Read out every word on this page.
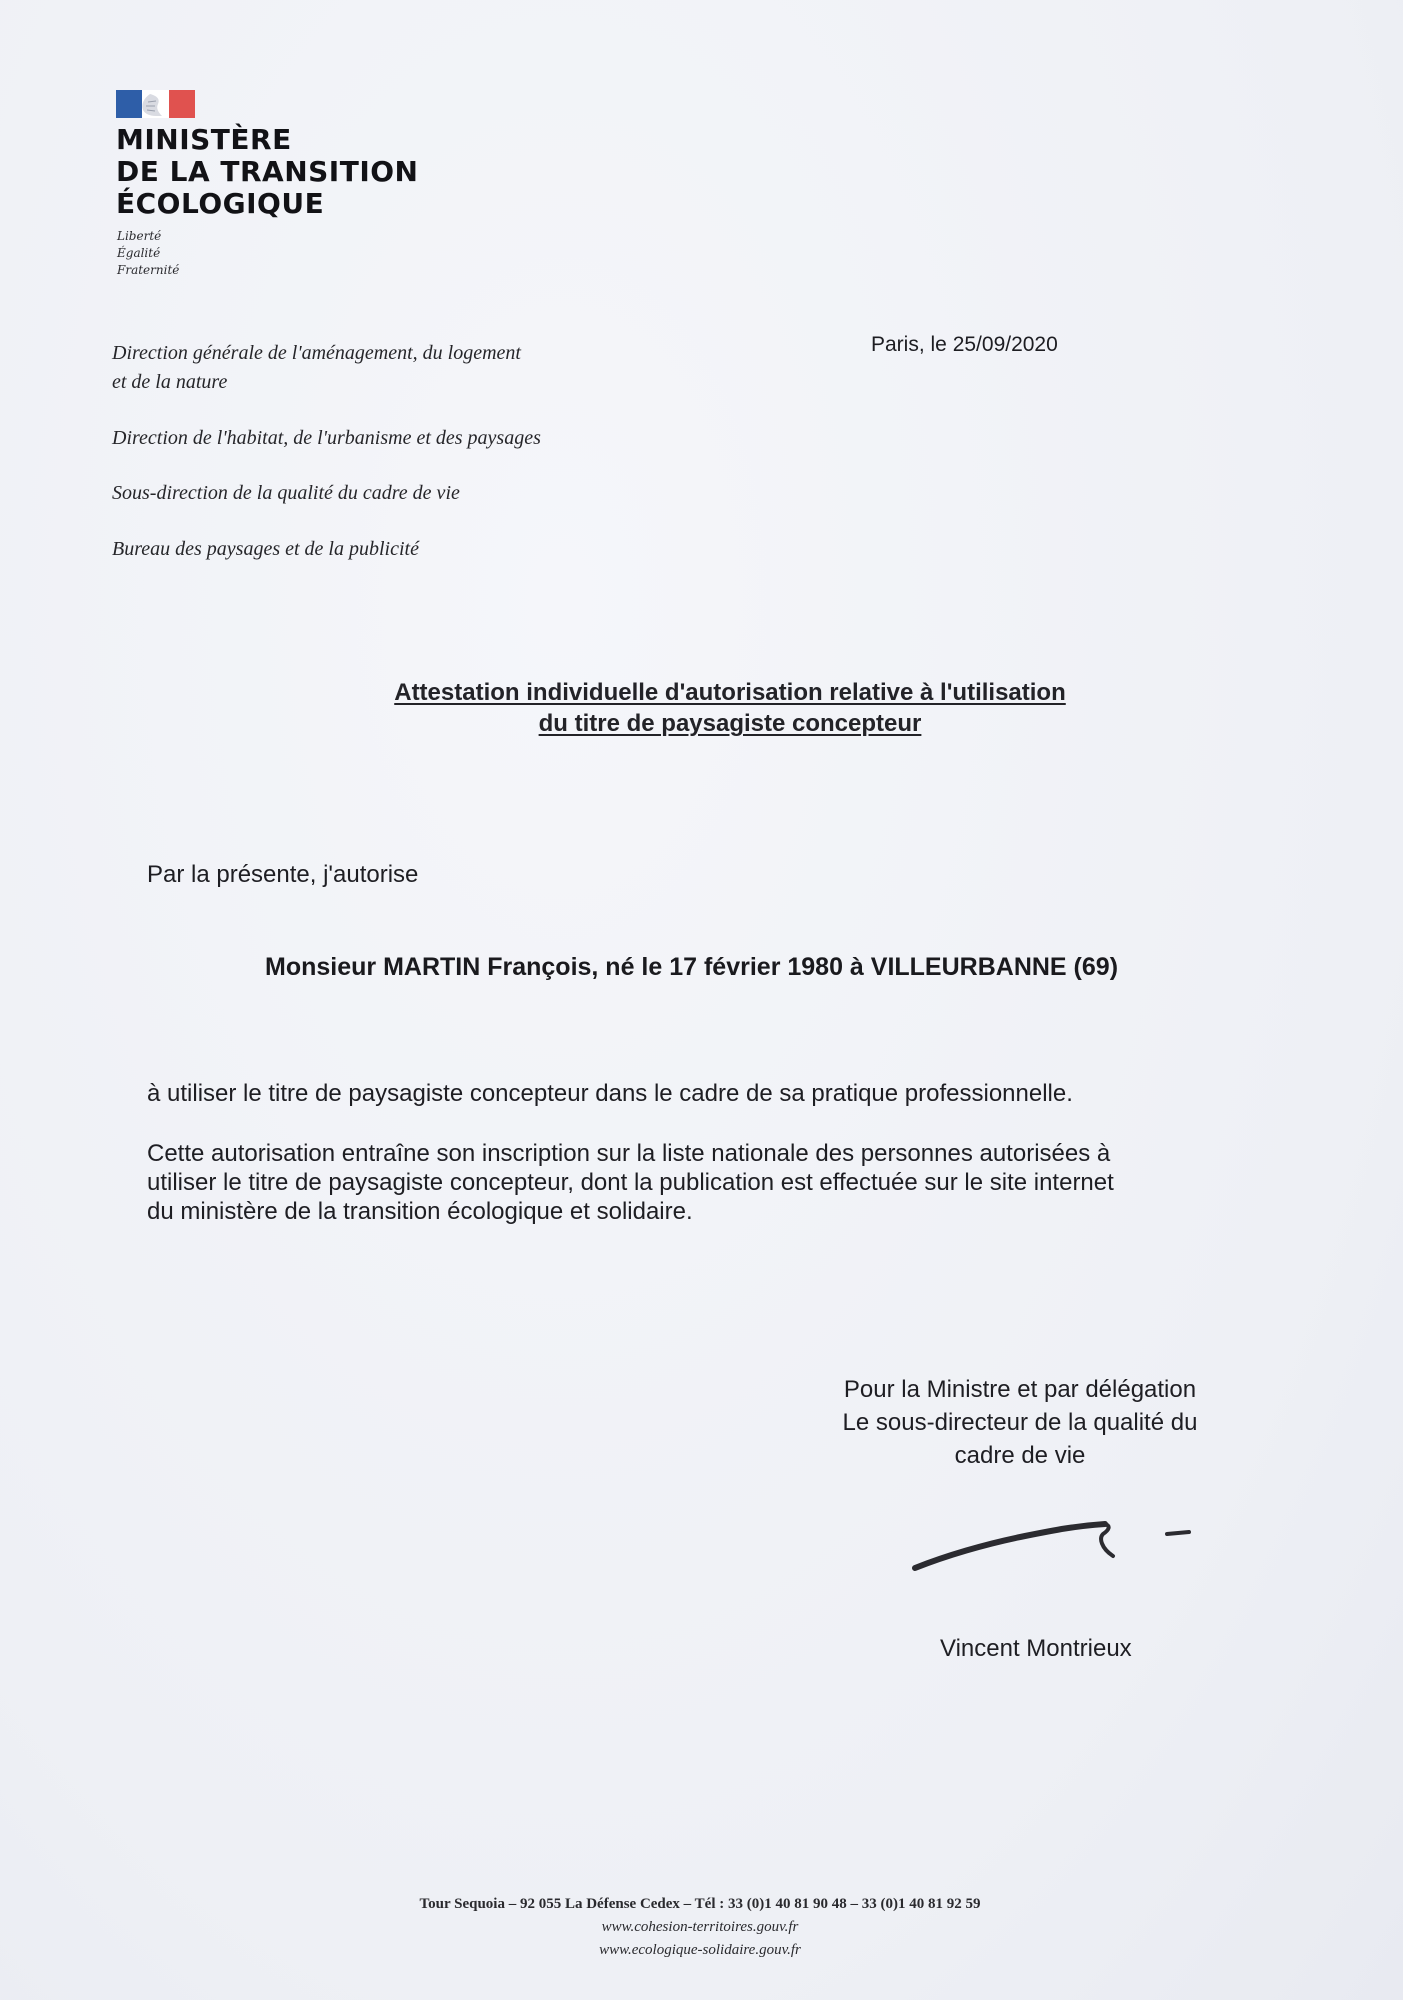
MINISTÈRE
DE LA TRANSITION
ÉCOLOGIQUE
Liberté
Égalité
Fraternité
Direction générale de l'aménagement, du logement
et de la nature
Direction de l'habitat, de l'urbanisme et des paysages
Sous-direction de la qualité du cadre de vie
Bureau des paysages et de la publicité
Paris, le 25/09/2020
Attestation individuelle d'autorisation relative à l'utilisation
du titre de paysagiste concepteur
Par la présente, j'autorise
Monsieur MARTIN François, né le 17 février 1980 à VILLEURBANNE (69)
à utiliser le titre de paysagiste concepteur dans le cadre de sa pratique professionnelle.
Cette autorisation entraîne son inscription sur la liste nationale des personnes autorisées à
utiliser le titre de paysagiste concepteur, dont la publication est effectuée sur le site internet
du ministère de la transition écologique et solidaire.
Pour la Ministre et par délégation
Le sous-directeur de la qualité du
cadre de vie
Vincent Montrieux
Tour Sequoia – 92 055 La Défense Cedex – Tél : 33 (0)1 40 81 90 48 – 33 (0)1 40 81 92 59
www.cohesion-territoires.gouv.fr
www.ecologique-solidaire.gouv.fr
